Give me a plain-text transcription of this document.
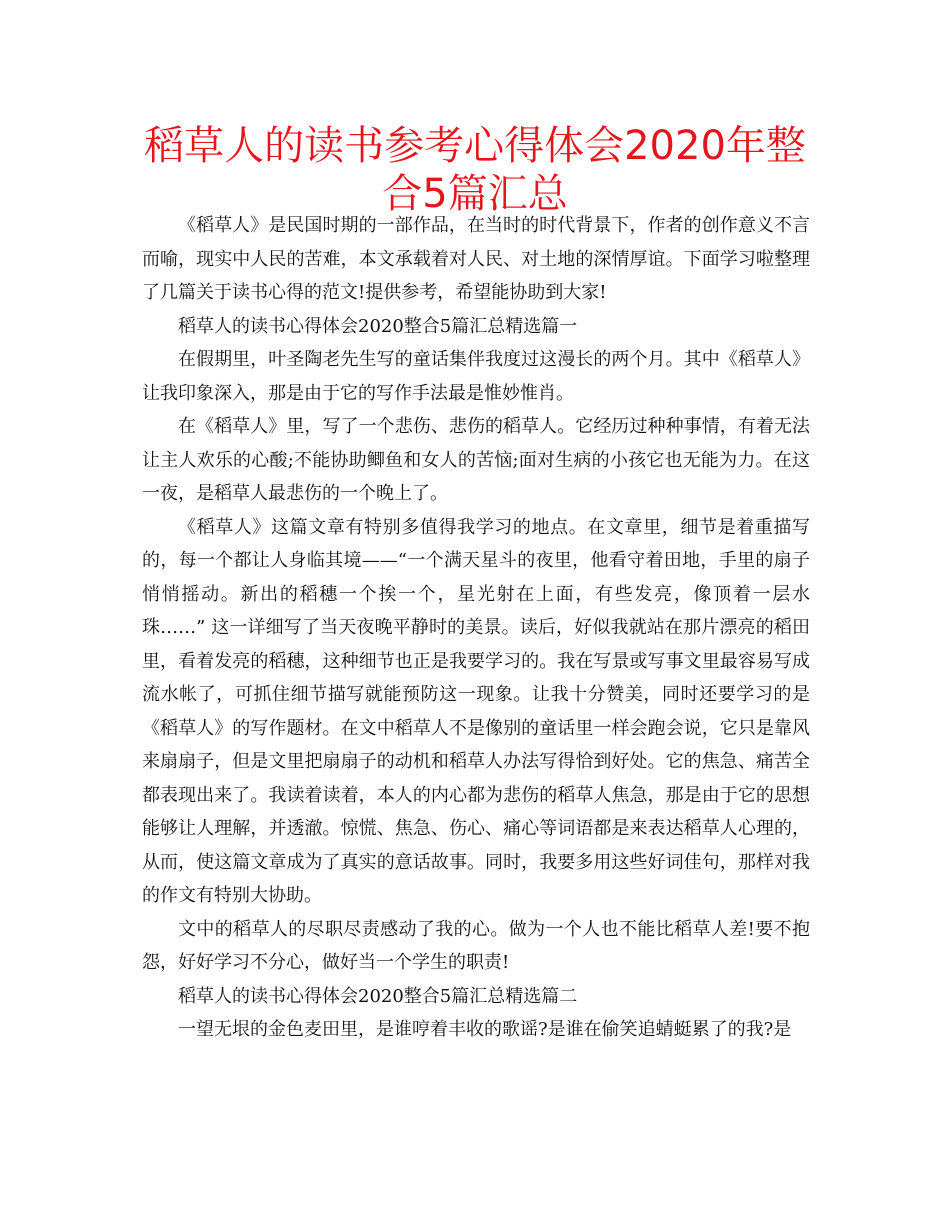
稻草人的读书参考心得体会2020年整合5篇汇总

《稻草人》是民国时期的一部作品，在当时的时代背景下，作者的创作意义不言而喻，现实中人民的苦难，本文承载着对人民、对土地的深情厚谊。下面学习啦整理了几篇关于读书心得的范文!提供参考，希望能协助到大家!

稻草人的读书心得体会2020整合5篇汇总精选篇一

在假期里，叶圣陶老先生写的童话集伴我度过这漫长的两个月。其中《稻草人》让我印象深入，那是由于它的写作手法最是惟妙惟肖。

在《稻草人》里，写了一个悲伤、悲伤的稻草人。它经历过种种事情，有着无法让主人欢乐的心酸;不能协助鲫鱼和女人的苦恼;面对生病的小孩它也无能为力。在这一夜，是稻草人最悲伤的一个晚上了。

《稻草人》这篇文章有特别多值得我学习的地点。在文章里，细节是着重描写的，每一个都让人身临其境——“一个满天星斗的夜里，他看守着田地，手里的扇子悄悄摇动。新出的稻穗一个挨一个，星光射在上面，有些发亮，像顶着一层水珠……” 这一详细写了当天夜晚平静时的美景。读后，好似我就站在那片漂亮的稻田里，看着发亮的稻穗，这种细节也正是我要学习的。我在写景或写事文里最容易写成流水帐了，可抓住细节描写就能预防这一现象。让我十分赞美，同时还要学习的是《稻草人》的写作题材。在文中稻草人不是像别的童话里一样会跑会说，它只是靠风来扇扇子，但是文里把扇扇子的动机和稻草人办法写得恰到好处。它的焦急、痛苦全都表现出来了。我读着读着，本人的内心都为悲伤的稻草人焦急，那是由于它的思想能够让人理解，并透澈。惊慌、焦急、伤心、痛心等词语都是来表达稻草人心理的，从而，使这篇文章成为了真实的意话故事。同时，我要多用这些好词佳句，那样对我的作文有特别大协助。

文中的稻草人的尽职尽责感动了我的心。做为一个人也不能比稻草人差!要不抱怨，好好学习不分心，做好当一个学生的职责!

稻草人的读书心得体会2020整合5篇汇总精选篇二

一望无垠的金色麦田里，是谁哼着丰收的歌谣?是谁在偷笑追蜻蜓累了的我?是
